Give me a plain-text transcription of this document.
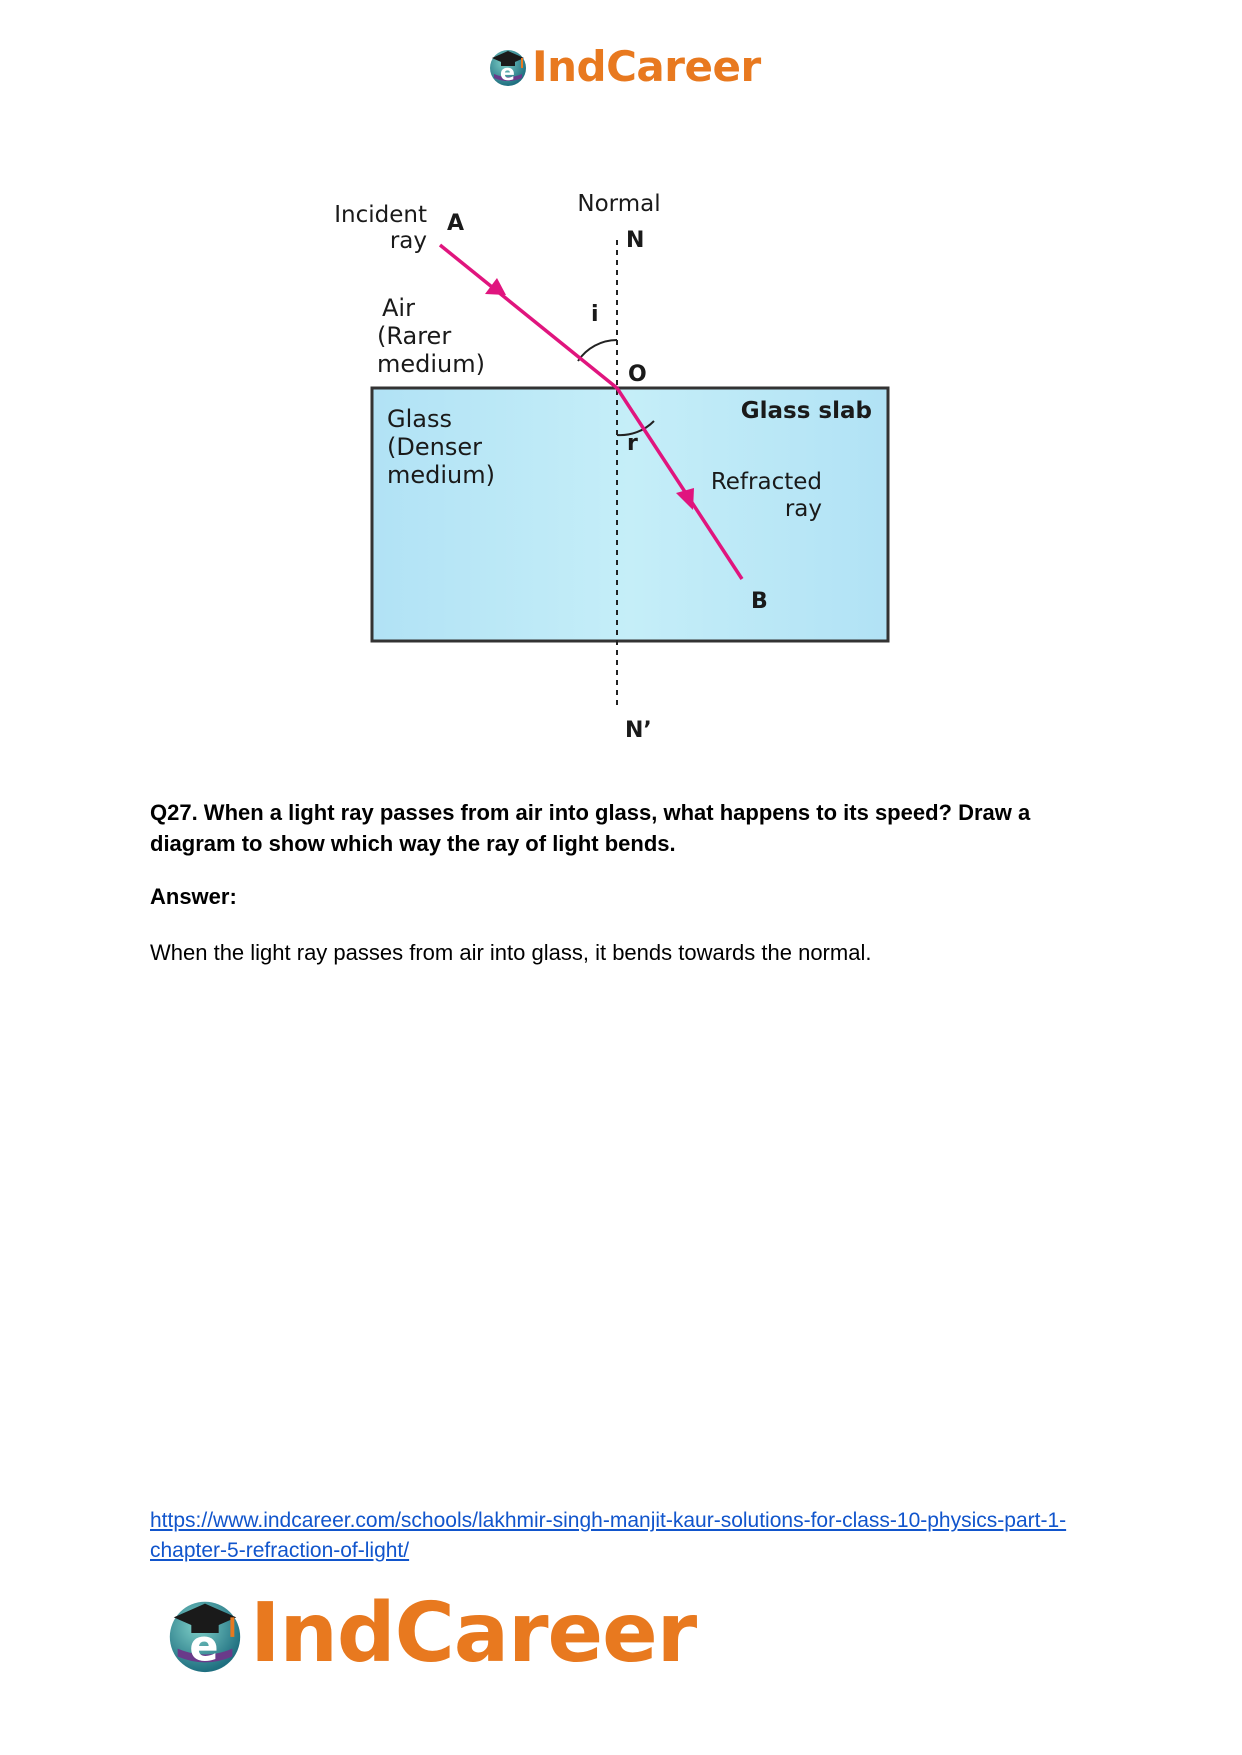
e IndCareer
Incident
ray
A
Normal
N
i
Air
(Rarer
medium)	O
Glass slab
Glass
(Denser
medium)
r
Refracted
ray
B
N’
Q27. When a light ray passes from air into glass, what happens to its speed? Draw a diagram to show which way the ray of light bends.
Answer:
When the light ray passes from air into glass, it bends towards the normal.
https://www.indcareer.com/schools/lakhmir-singh-manjit-kaur-solutions-for-class-10-physics-part-1-chapter-5-refraction-of-light/
e IndCareer
